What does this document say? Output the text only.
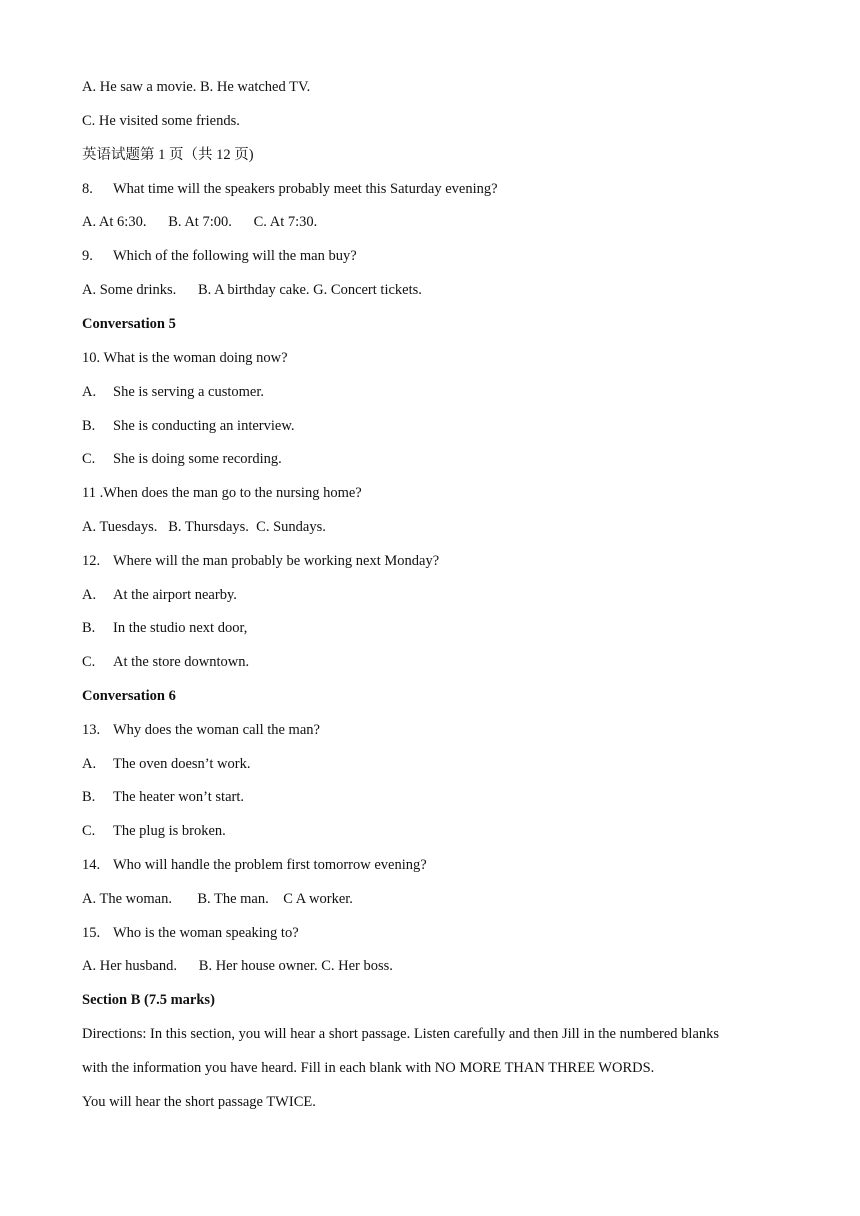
A. He saw a movie. B. He watched TV.
C. He visited some friends.
英语试题第 1 页（共 12 页)
8. What time will the speakers probably meet this Saturday evening?
A. At 6:30.      B. At 7:00.      C. At 7:30.
9. Which of the following will the man buy?
A. Some drinks.      B. A birthday cake. G. Concert tickets.
Conversation 5
10. What is the woman doing now?
A. She is serving a customer.
B. She is conducting an interview.
C. She is doing some recording.
11 .When does the man go to the nursing home?
A. Tuesdays.   B. Thursdays.  C. Sundays.
12. Where will the man probably be working next Monday?
A. At the airport nearby.
B. In the studio next door,
C. At the store downtown.
Conversation 6
13. Why does the woman call the man?
A. The oven doesn’t work.
B. The heater won’t start.
C. The plug is broken.
14. Who will handle the problem first tomorrow evening?
A. The woman.       B. The man.    C A worker.
15. Who is the woman speaking to?
A. Her husband.      B. Her house owner. C. Her boss.
Section B (7.5 marks)
Directions: In this section, you will hear a short passage. Listen carefully and then Jill in the numbered blanks
with the information you have heard. Fill in each blank with NO MORE THAN THREE WORDS.
You will hear the short passage TWICE.
